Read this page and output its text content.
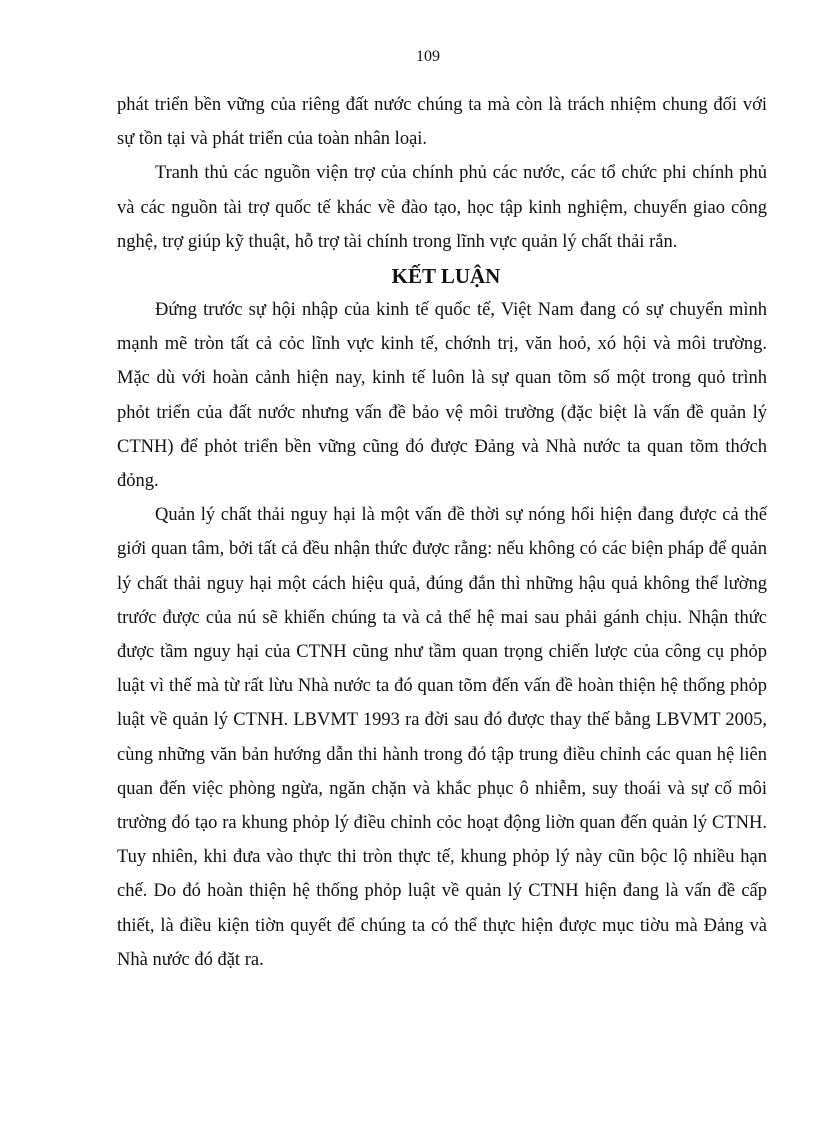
109

phát triển bền vững của riêng đất nước chúng ta mà còn là trách nhiệm chung đối với sự tồn tại và phát triển của toàn nhân loại.

Tranh thủ các nguồn viện trợ của chính phủ các nước, các tổ chức phi chính phủ và các nguồn tài trợ quốc tế khác về đào tạo, học tập kinh nghiệm, chuyển giao công nghệ, trợ giúp kỹ thuật, hỗ trợ tài chính trong lĩnh vực quản lý chất thải rắn.

KẾT LUẬN

Đứng trước sự hội nhập của kinh tế quốc tế, Việt Nam đang có sự chuyển mình mạnh mẽ tròn tất cả cỏc lĩnh vực kinh tế, chớnh trị, văn hoỏ, xó hội và môi trường. Mặc dù với hoàn cảnh hiện nay, kinh tế luôn là sự quan tõm số một trong quỏ trình phỏt triển của đất nước nhưng vấn đề bảo vệ môi trường (đặc biệt là vấn đề quản lý CTNH) để phỏt triển bền vững cũng đó được Đảng và Nhà nước ta quan tõm thớch đỏng.

Quản lý chất thải nguy hại là một vấn đề thời sự nóng hổi hiện đang được cả thế giới quan tâm, bởi tất cả đều nhận thức được rằng: nếu không có các biện pháp để quản lý chất thải nguy hại một cách hiệu quả, đúng đắn thì những hậu quả không thể lường trước được của nú sẽ khiến chúng ta và cả thế hệ mai sau phải gánh chịu. Nhận thức được tầm nguy hại của CTNH cũng như tầm quan trọng chiến lược của công cụ phỏp luật vì thế mà từ rất lừu Nhà nước ta đó quan tõm đến vấn đề hoàn thiện hệ thống phỏp luật về quản lý CTNH. LBVMT 1993 ra đời sau đó được thay thế bằng LBVMT 2005, cùng những văn bản hướng dẫn thi hành trong đó tập trung điều chỉnh các quan hệ liên quan đến việc phòng ngừa, ngăn chặn và khắc phục ô nhiễm, suy thoái và sự cố môi trường đó tạo ra khung phỏp lý điều chỉnh cỏc hoạt động liờn quan đến quản lý CTNH. Tuy nhiên, khi đưa vào thực thi tròn thực tế, khung phỏp lý này cũn bộc lộ nhiều hạn chế. Do đó hoàn thiện hệ thống phỏp luật về quản lý CTNH hiện đang là vấn đề cấp thiết, là điều kiện tiờn quyết để chúng ta có thể thực hiện được mục tiờu mà Đảng và Nhà nước đó đặt ra.
